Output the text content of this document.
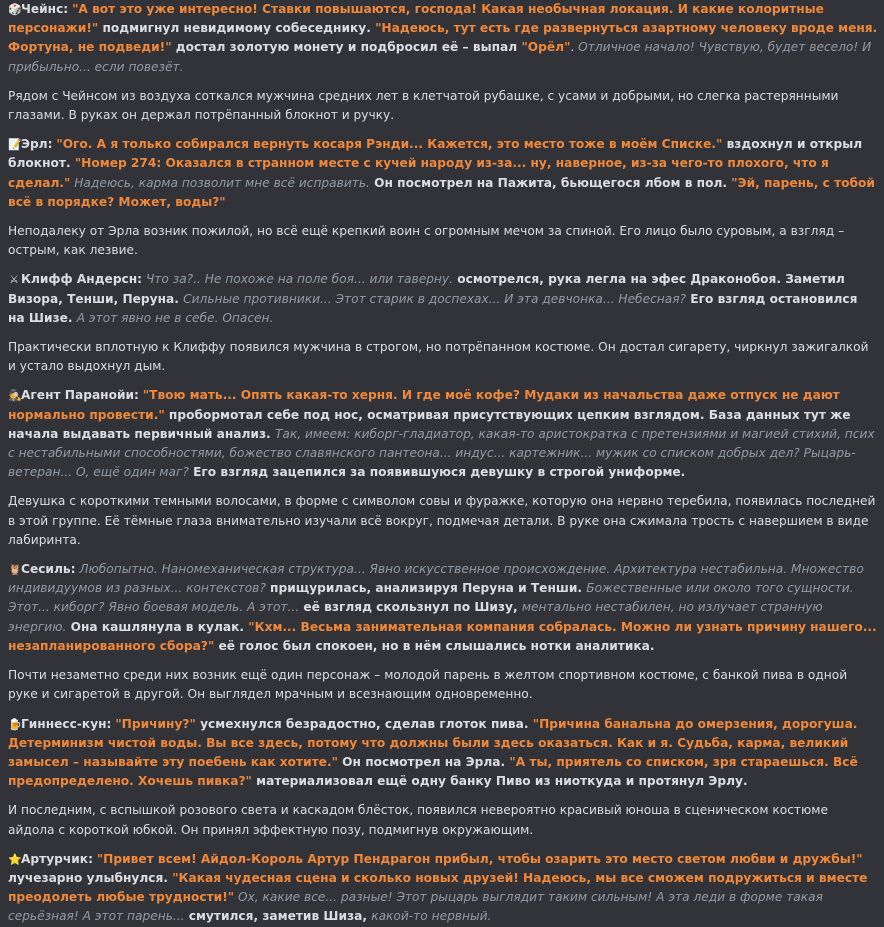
🎲Чейнс: "А вот это уже интересно! Ставки повышаются, господа! Какая необычная локация. И какие колоритные персонажи!" подмигнул невидимому собеседнику. "Надеюсь, тут есть где развернуться азартному человеку вроде меня. Фортуна, не подведи!" достал золотую монету и подбросил её – выпал "Орёл". Отличное начало! Чувствую, будет весело! И прибыльно... если повезёт.

Рядом с Чейнсом из воздуха соткался мужчина средних лет в клетчатой рубашке, с усами и добрыми, но слегка растерянными глазами. В руках он держал потрёпанный блокнот и ручку.

📝Эрл: "Ого. А я только собирался вернуть косаря Рэнди... Кажется, это место тоже в моём Списке." вздохнул и открыл блокнот. "Номер 274: Оказался в странном месте с кучей народу из-за... ну, наверное, из-за чего-то плохого, что я сделал." Надеюсь, карма позволит мне всё исправить. Он посмотрел на Пажита, бьющегося лбом в пол. "Эй, парень, с тобой всё в порядке? Может, воды?"

Неподалеку от Эрла возник пожилой, но всё ещё крепкий воин с огромным мечом за спиной. Его лицо было суровым, а взгляд – острым, как лезвие.

⚔ Клифф Андерсн: Что за?.. Не похоже на поле боя... или таверну. осмотрелся, рука легла на эфес Драконобоя. Заметил Визора, Тенши, Перуна. Сильные противники... Этот старик в доспехах... И эта девчонка... Небесная? Его взгляд остановился на Шизе. А этот явно не в себе. Опасен.

Практически вплотную к Клиффу появился мужчина в строгом, но потрёпанном костюме. Он достал сигарету, чиркнул зажигалкой и устало выдохнул дым.

🕵Агент Паранойи: "Твою мать... Опять какая-то херня. И где моё кофе? Мудаки из начальства даже отпуск не дают нормально провести." пробормотал себе под нос, осматривая присутствующих цепким взглядом. База данных тут же начала выдавать первичный анализ. Так, имеем: киборг-гладиатор, какая-то аристократка с претензиями и магией стихий, псих с нестабильными способностями, божество славянского пантеона... индус... картежник... мужик со списком добрых дел? Рыцарь-ветеран... О, ещё один маг? Его взгляд зацепился за появившуюся девушку в строгой униформе.

Девушка с короткими темными волосами, в форме с символом совы и фуражке, которую она нервно теребила, появилась последней в этой группе. Её тёмные глаза внимательно изучали всё вокруг, подмечая детали. В руке она сжимала трость с навершием в виде лабиринта.

🦉Сесиль: Любопытно. Наномеханическая структура... Явно искусственное происхождение. Архитектура нестабильна. Множество индивидуумов из разных... контекстов? прищурилась, анализируя Перуна и Тенши. Божественные или около того сущности. Этот... киборг? Явно боевая модель. А этот... её взгляд скользнул по Шизу, ментально нестабилен, но излучает странную энергию. Она кашлянула в кулак. "Кхм... Весьма занимательная компания собралась. Можно ли узнать причину нашего... незапланированного сбора?" её голос был спокоен, но в нём слышались нотки аналитика.

Почти незаметно среди них возник ещё один персонаж – молодой парень в желтом спортивном костюме, с банкой пива в одной руке и сигаретой в другой. Он выглядел мрачным и всезнающим одновременно.

🍺Гиннесс-кун: "Причину?" усмехнулся безрадостно, сделав глоток пива. "Причина банальна до омерзения, дорогуша. Детерминизм чистой воды. Вы все здесь, потому что должны были здесь оказаться. Как и я. Судьба, карма, великий замысел – называйте эту поебень как хотите." Он посмотрел на Эрла. "А ты, приятель со списком, зря стараешься. Всё предопределено. Хочешь пивка?" материализовал ещё одну банку Пиво из ниоткуда и протянул Эрлу.

И последним, с вспышкой розового света и каскадом блёсток, появился невероятно красивый юноша в сценическом костюме айдола с короткой юбкой. Он принял эффектную позу, подмигнув окружающим.

⭐Артурчик: "Привет всем! Айдол-Король Артур Пендрагон прибыл, чтобы озарить это место светом любви и дружбы!" лучезарно улыбнулся. "Какая чудесная сцена и сколько новых друзей! Надеюсь, мы все сможем подружиться и вместе преодолеть любые трудности!" Ох, какие все... разные! Этот рыцарь выглядит таким сильным! А эта леди в форме такая серьёзная! А этот парень... смутился, заметив Шиза, какой-то нервный.
